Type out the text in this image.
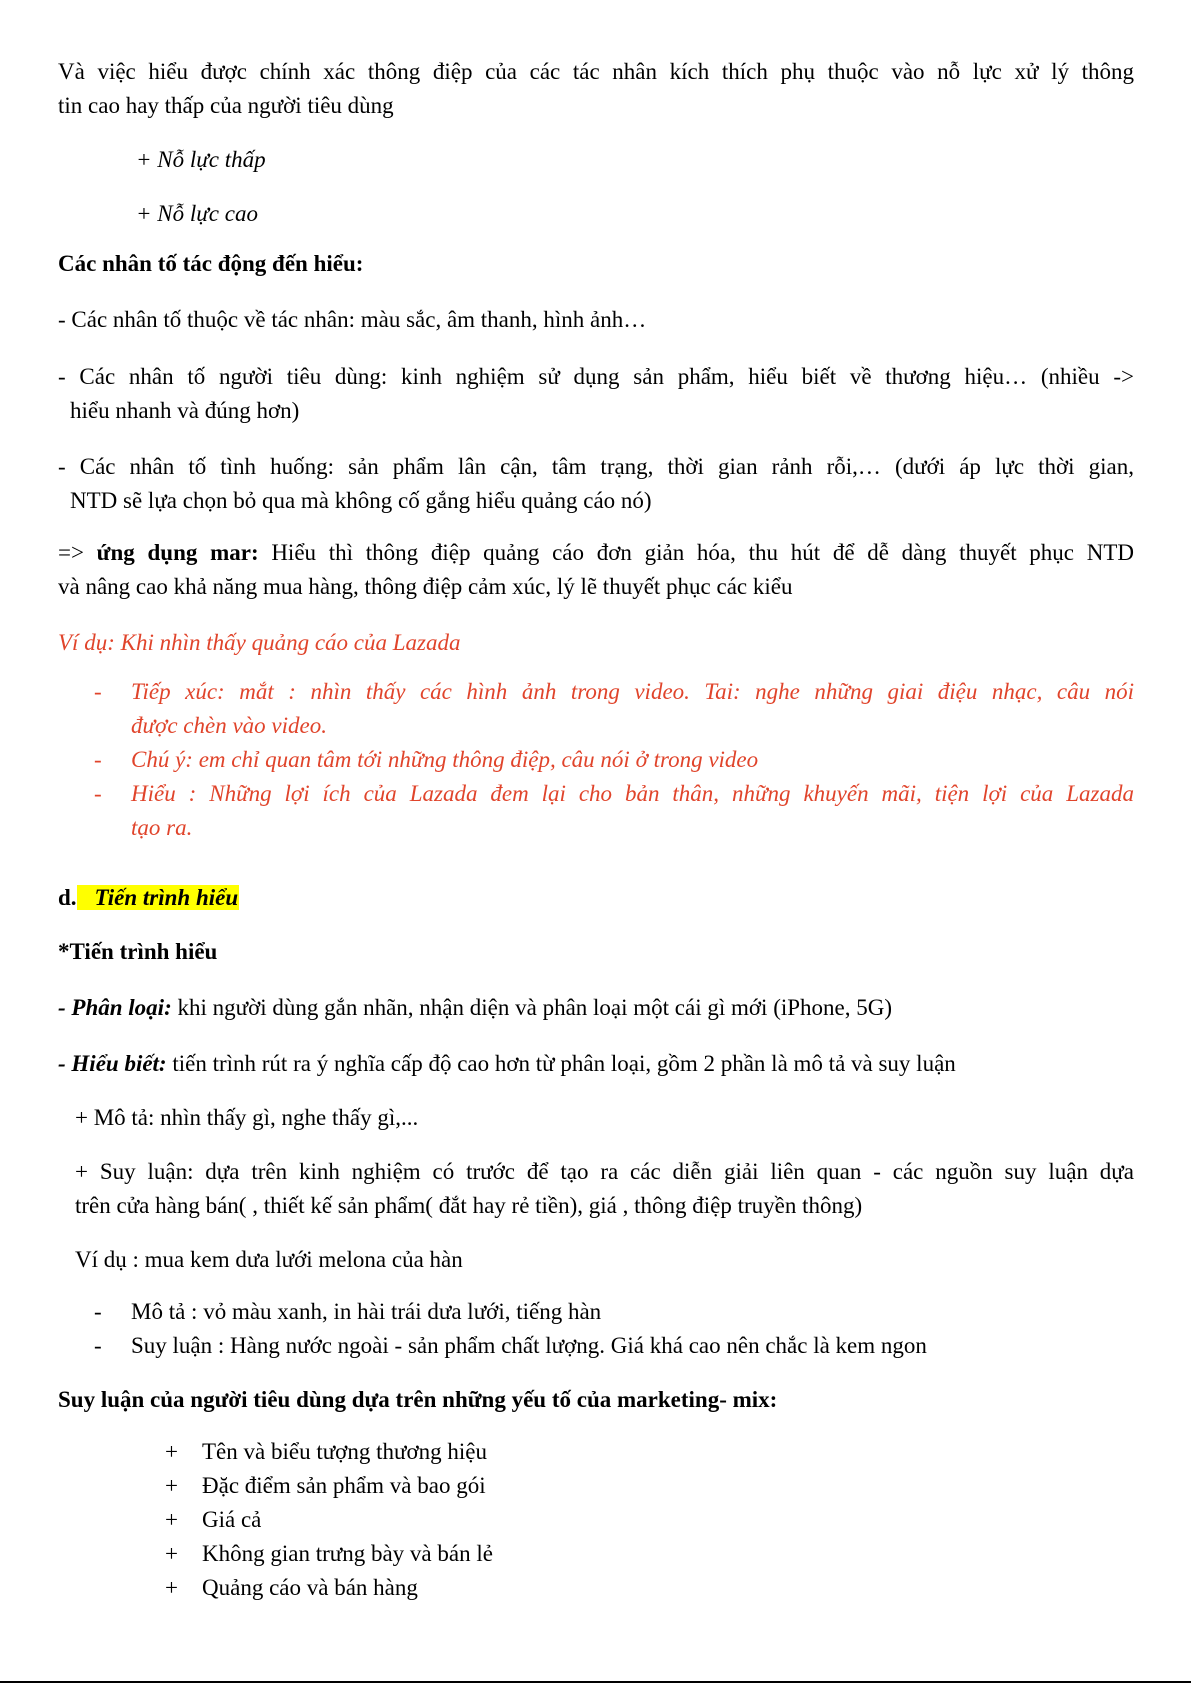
Và việc hiểu được chính xác thông điệp của các tác nhân kích thích phụ thuộc vào nỗ lực xử lý thông
tin cao hay thấp của người tiêu dùng
+ Nỗ lực thấp
+ Nỗ lực cao
Các nhân tố tác động đến hiểu:
- Các nhân tố thuộc về tác nhân: màu sắc, âm thanh, hình ảnh…
- Các nhân tố người tiêu dùng: kinh nghiệm sử dụng sản phẩm, hiểu biết về thương hiệu… (nhiều ->
hiểu nhanh và đúng hơn)
- Các nhân tố tình huống: sản phẩm lân cận, tâm trạng, thời gian rảnh rỗi,… (dưới áp lực thời gian,
NTD sẽ lựa chọn bỏ qua mà không cố gắng hiểu quảng cáo nó)
=> ứng dụng mar: Hiểu thì thông điệp quảng cáo đơn giản hóa, thu hút để dễ dàng thuyết phục NTD
và nâng cao khả năng mua hàng, thông điệp cảm xúc, lý lẽ thuyết phục các kiểu
Ví dụ: Khi nhìn thấy quảng cáo của Lazada
- Tiếp xúc: mắt : nhìn thấy các hình ảnh trong video. Tai: nghe những giai điệu nhạc, câu nói
được chèn vào video.
- Chú ý: em chỉ quan tâm tới những thông điệp, câu nói ở trong video
- Hiểu : Những lợi ích của Lazada đem lại cho bản thân, những khuyến mãi, tiện lợi của Lazada
tạo ra.
d. Tiến trình hiểu
*Tiến trình hiểu
- Phân loại: khi người dùng gắn nhãn, nhận diện và phân loại một cái gì mới (iPhone, 5G)
- Hiểu biết: tiến trình rút ra ý nghĩa cấp độ cao hơn từ phân loại, gồm 2 phần là mô tả và suy luận
+ Mô tả: nhìn thấy gì, nghe thấy gì,...
+ Suy luận: dựa trên kinh nghiệm có trước để tạo ra các diễn giải liên quan - các nguồn suy luận dựa
trên cửa hàng bán( , thiết kế sản phẩm( đắt hay rẻ tiền), giá , thông điệp truyền thông)
Ví dụ : mua kem dưa lưới melona của hàn
- Mô tả : vỏ màu xanh, in hài trái dưa lưới, tiếng hàn
- Suy luận : Hàng nước ngoài - sản phẩm chất lượng. Giá khá cao nên chắc là kem ngon
Suy luận của người tiêu dùng dựa trên những yếu tố của marketing- mix:
+ Tên và biểu tượng thương hiệu
+ Đặc điểm sản phẩm và bao gói
+ Giá cả
+ Không gian trưng bày và bán lẻ
+ Quảng cáo và bán hàng
